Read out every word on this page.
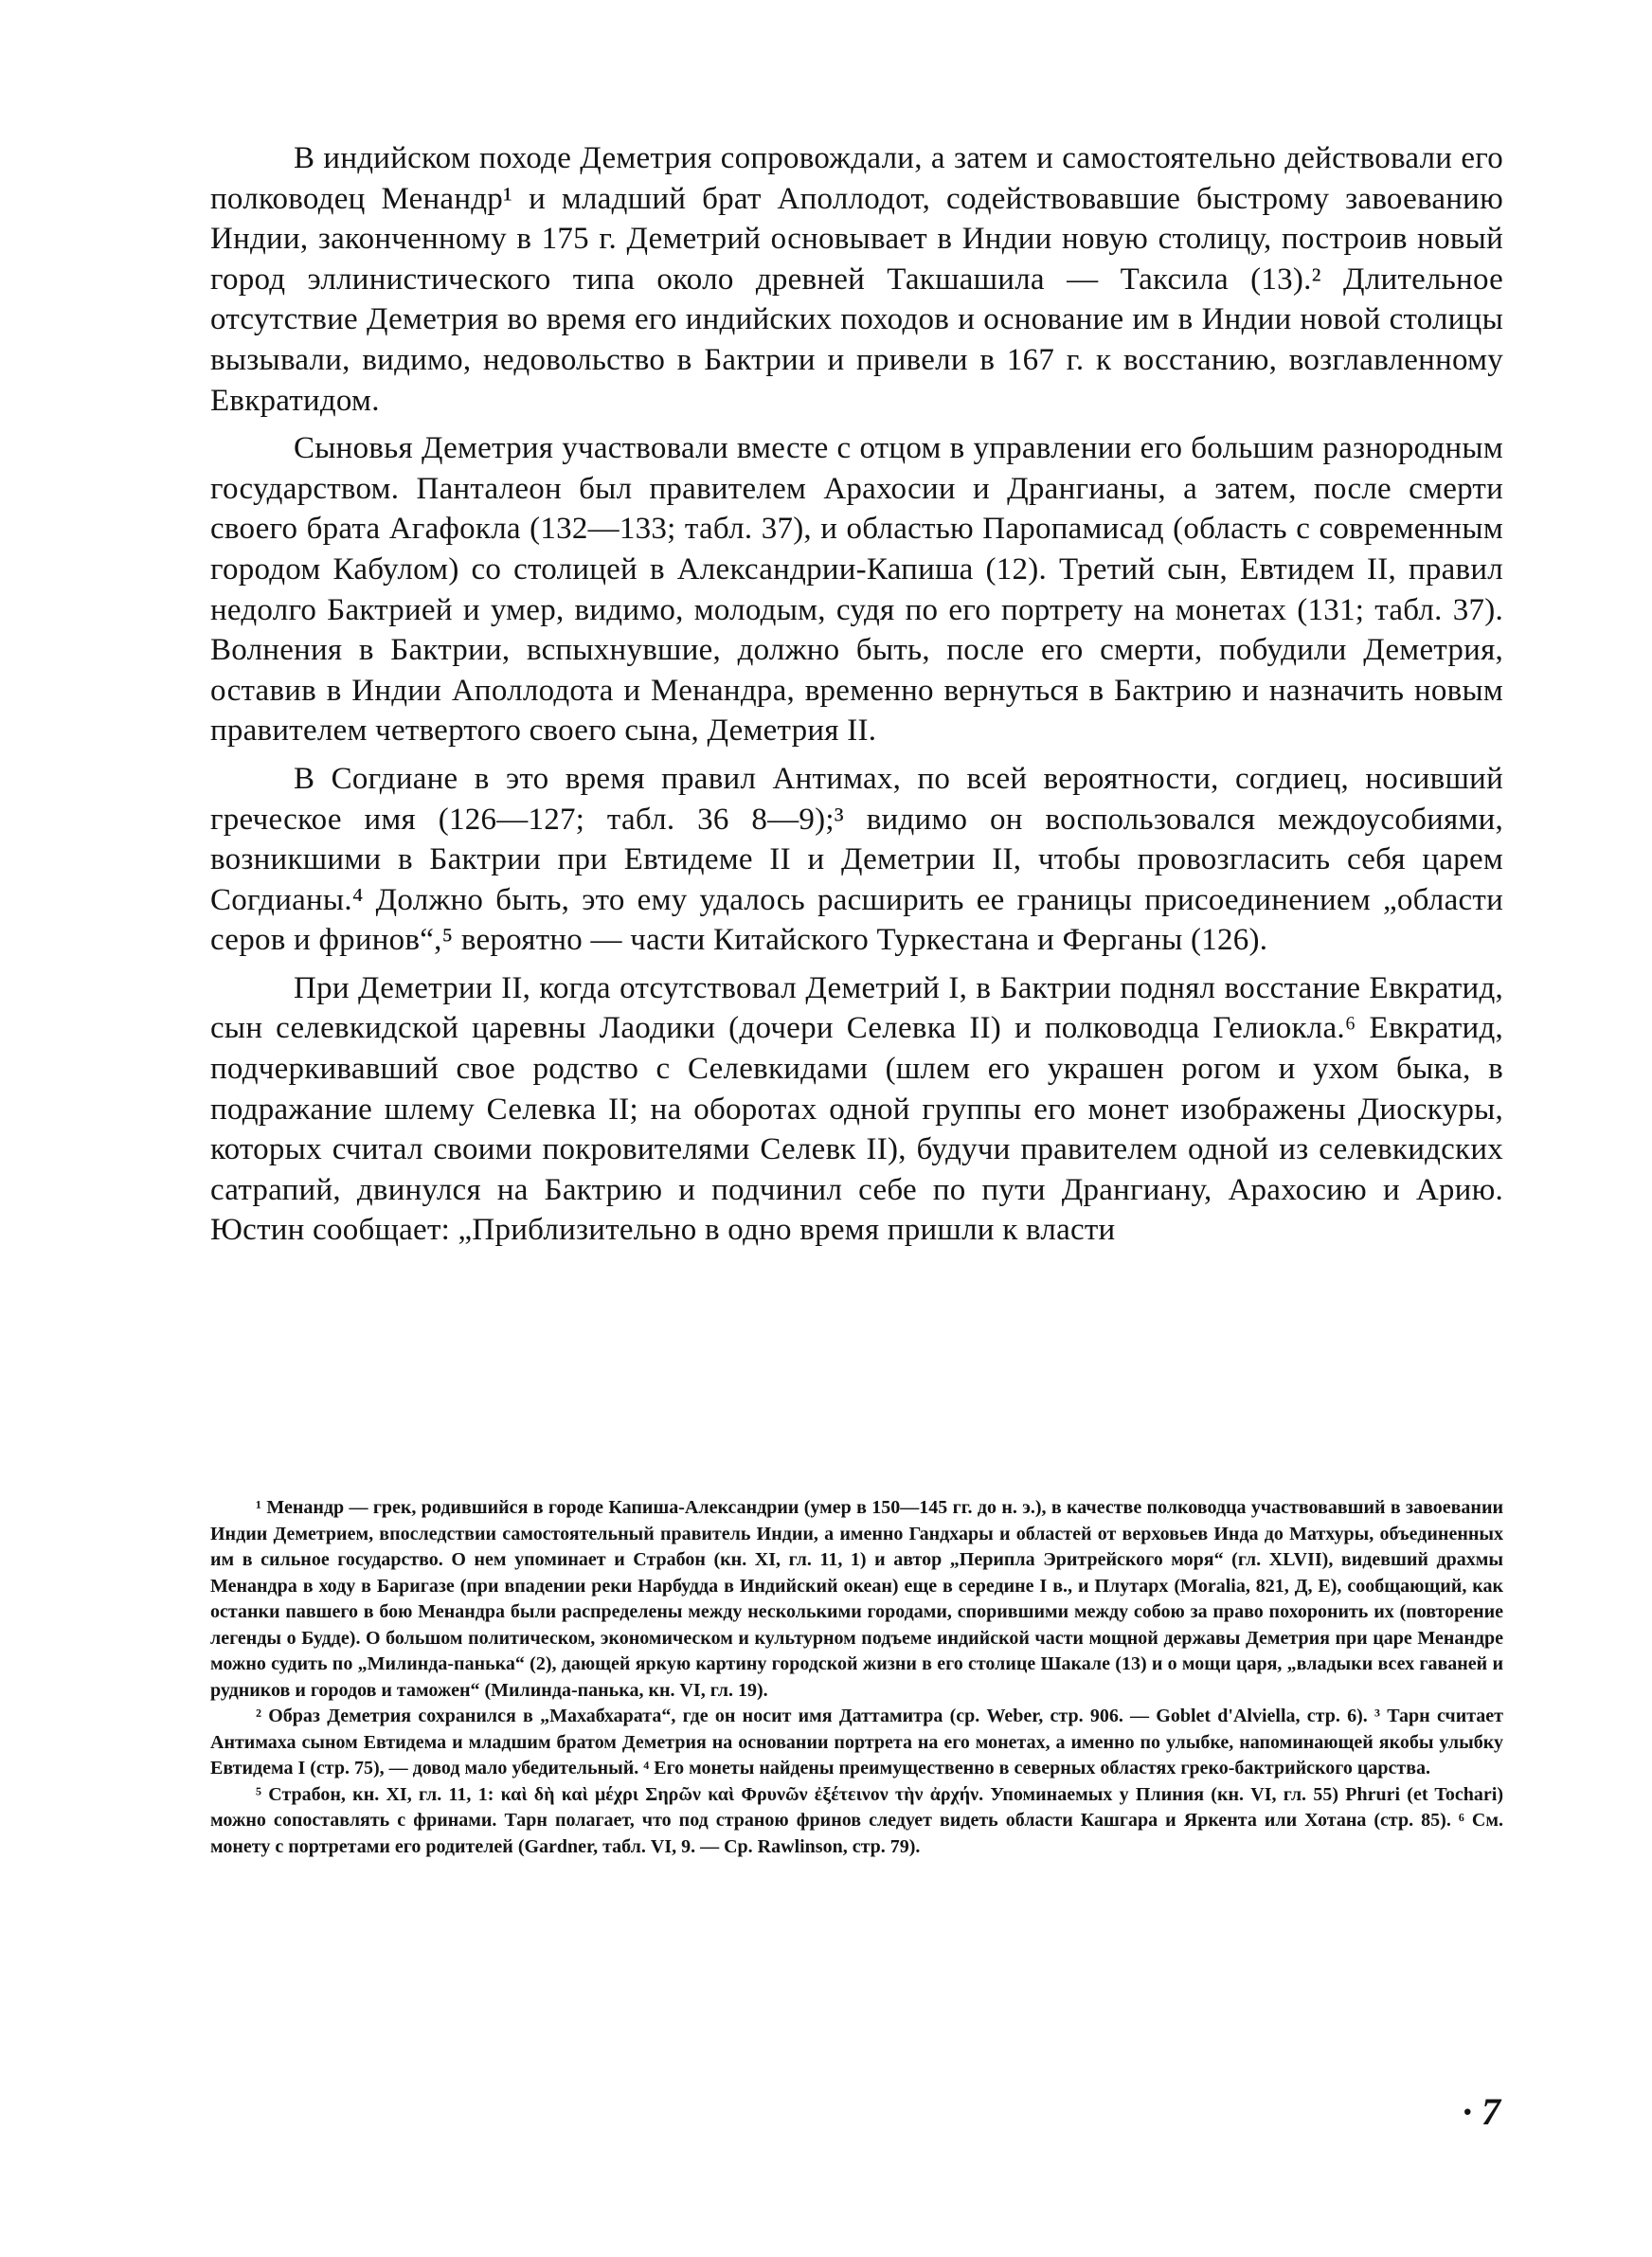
В индийском походе Деметрия сопровождали, а затем и самостоятельно действовали его полководец Менандр¹ и младший брат Аполлодот, содействовавшие быстрому завоеванию Индии, законченному в 175 г. Деметрий основывает в Индии новую столицу, построив новый город эллинистического типа около древней Такшашила — Таксила (13).² Длительное отсутствие Деметрия во время его индийских походов и основание им в Индии новой столицы вызывали, видимо, недовольство в Бактрии и привели в 167 г. к восстанию, возглавленному Евкратидом.

Сыновья Деметрия участвовали вместе с отцом в управлении его большим разнородным государством. Панталеон был правителем Арахосии и Дрангианы, а затем, после смерти своего брата Агафокла (132—133; табл. 37), и областью Паропамисад (область с современным городом Кабулом) со столицей в Александрии-Капиша (12). Третий сын, Евтидем II, правил недолго Бактрией и умер, видимо, молодым, судя по его портрету на монетах (131; табл. 37). Волнения в Бактрии, вспыхнувшие, должно быть, после его смерти, побудили Деметрия, оставив в Индии Аполлодота и Менандра, временно вернуться в Бактрию и назначить новым правителем четвертого своего сына, Деметрия II.

В Согдиане в это время правил Антимах, по всей вероятности, согдиец, носивший греческое имя (126—127; табл. 36 8—9);³ видимо он воспользовался междоусобиями, возникшими в Бактрии при Евтидеме II и Деметрии II, чтобы провозгласить себя царем Согдианы.⁴ Должно быть, это ему удалось расширить ее границы присоединением „области серов и фринов“,⁵ вероятно — части Китайского Туркестана и Ферганы (126).

При Деметрии II, когда отсутствовал Деметрий I, в Бактрии поднял восстание Евкратид, сын селевкидской царевны Лаодики (дочери Селевка II) и полководца Гелиокла.⁶ Евкратид, подчеркивавший свое родство с Селевкидами (шлем его украшен рогом и ухом быка, в подражание шлему Селевка II; на оборотах одной группы его монет изображены Диоскуры, которых считал своими покровителями Селевк II), будучи правителем одной из селевкидских сатрапий, двинулся на Бактрию и подчинил себе по пути Дрангиану, Арахосию и Арию. Юстин сообщает: „Приблизительно в одно время пришли к власти

¹ Менандр — грек, родившийся в городе Капиша-Александрии (умер в 150—145 гг. до н. э.), в качестве полководца участвовавший в завоевании Индии Деметрием, впоследствии самостоятельный правитель Индии, а именно Гандхары и областей от верховьев Инда до Матхуры, объединенных им в сильное государство. О нем упоминает и Страбон (кн. XI, гл. 11, 1) и автор „Перипла Эритрейского моря“ (гл. XLVII), видевший драхмы Менандра в ходу в Баригазе (при впадении реки Нарбудда в Индийский океан) еще в середине I в., и Плутарх (Moralia, 821, Д, Е), сообщающий, как останки павшего в бою Менандра были распределены между несколькими городами, спорившими между собою за право похоронить их (повторение легенды о Будде). О большом политическом, экономическом и культурном подъеме индийской части мощной державы Деметрия при царе Менандре можно судить по „Милинда-панька“ (2), дающей яркую картину городской жизни в его столице Шакале (13) и о мощи царя, „владыки всех гаваней и рудников и городов и таможен“ (Милинда-панька, кн. VI, гл. 19).

² Образ Деметрия сохранился в „Махабхарата“, где он носит имя Даттамитра (ср. Weber, стр. 906. — Goblet d'Alviella, стр. 6). ³ Тарн считает Антимаха сыном Евтидема и младшим братом Деметрия на основании портрета на его монетах, а именно по улыбке, напоминающей якобы улыбку Евтидема I (стр. 75), — довод мало убедительный. ⁴ Его монеты найдены преимущественно в северных областях греко-бактрийского царства.

⁵ Страбон, кн. XI, гл. 11, 1: καὶ δὴ καὶ μέχρι Σηρῶν καὶ Φρυνῶν ἐξέτεινον τὴν ἀρχήν. Упоминаемых у Плиния (кн. VI, гл. 55) Phruri (et Tochari) можно сопоставлять с фринами. Тарн полагает, что под страною фринов следует видеть области Кашгара и Яркента или Хотана (стр. 85). ⁶ См. монету с портретами его родителей (Gardner, табл. VI, 9. — Ср. Rawlinson, стр. 79).

· 7
